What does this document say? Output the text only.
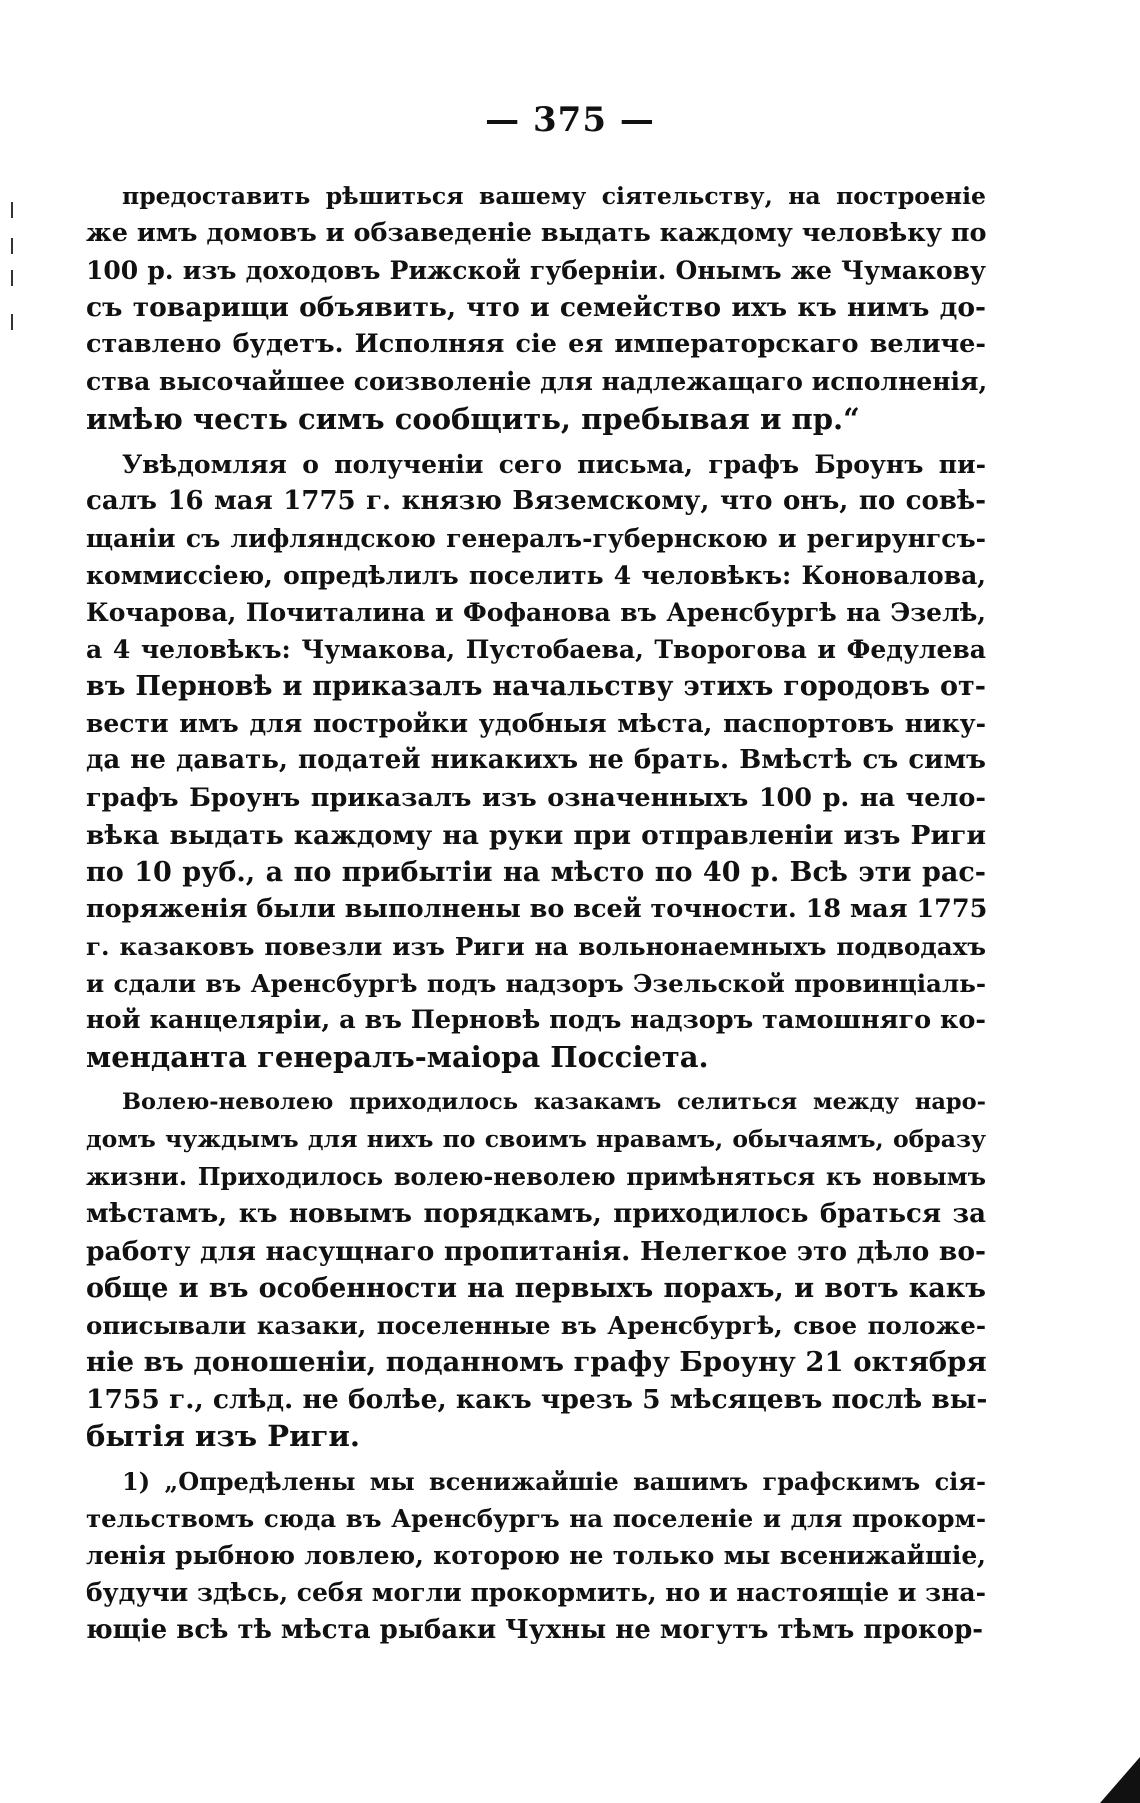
— 375 —
предоставить рѣшиться вашему сіятельству, на построеніе
же имъ домовъ и обзаведеніе выдать каждому человѣку по
100 р. изъ доходовъ Рижской губерніи. Онымъ же Чумакову
съ товарищи объявить, что и семейство ихъ къ нимъ до-
ставлено будетъ. Исполняя сіе ея императорскаго величе-
ства высочайшее соизволеніе для надлежащаго исполненія,
имѣю честь симъ сообщить, пребывая и пр.“
Увѣдомляя о полученіи сего письма, графъ Броунъ пи-
салъ 16 мая 1775 г. князю Вяземскому, что онъ, по совѣ-
щаніи съ лифляндскою генералъ-губернскою и регирунгсъ-
коммиссіею, опредѣлилъ поселить 4 человѣкъ: Коновалова,
Кочарова, Почиталина и Фофанова въ Аренсбургѣ на Эзелѣ,
а 4 человѣкъ: Чумакова, Пустобаева, Творогова и Федулева
въ Перновѣ и приказалъ начальству этихъ городовъ от-
вести имъ для постройки удобныя мѣста, паспортовъ нику-
да не давать, податей никакихъ не брать. Вмѣстѣ съ симъ
графъ Броунъ приказалъ изъ означенныхъ 100 р. на чело-
вѣка выдать каждому на руки при отправленіи изъ Риги
по 10 руб., а по прибытіи на мѣсто по 40 р. Всѣ эти рас-
поряженія были выполнены во всей точности. 18 мая 1775
г. казаковъ повезли изъ Риги на вольнонаемныхъ подводахъ
и сдали въ Аренсбургѣ подъ надзоръ Эзельской провинціаль-
ной канцеляріи, а въ Перновѣ подъ надзоръ тамошняго ко-
менданта генералъ-маіора Поссіета.
Волею-неволею приходилось казакамъ селиться между наро-
домъ чуждымъ для нихъ по своимъ нравамъ, обычаямъ, образу
жизни. Приходилось волею-неволею примѣняться къ новымъ
мѣстамъ, къ новымъ порядкамъ, приходилось браться за
работу для насущнаго пропитанія. Нелегкое это дѣло во-
обще и въ особенности на первыхъ порахъ, и вотъ какъ
описывали казаки, поселенные въ Аренсбургѣ, свое положе-
ніе въ доношеніи, поданномъ графу Броуну 21 октября
1755 г., слѣд. не болѣе, какъ чрезъ 5 мѣсяцевъ послѣ вы-
бытія изъ Риги.
1) „Опредѣлены мы всенижайшіе вашимъ графскимъ сія-
тельствомъ сюда въ Аренсбургъ на поселеніе и для прокорм-
ленія рыбною ловлею, которою не только мы всенижайшіе,
будучи здѣсь, себя могли прокормить, но и настоящіе и зна-
ющіе всѣ тѣ мѣста рыбаки Чухны не могутъ тѣмъ прокор-
